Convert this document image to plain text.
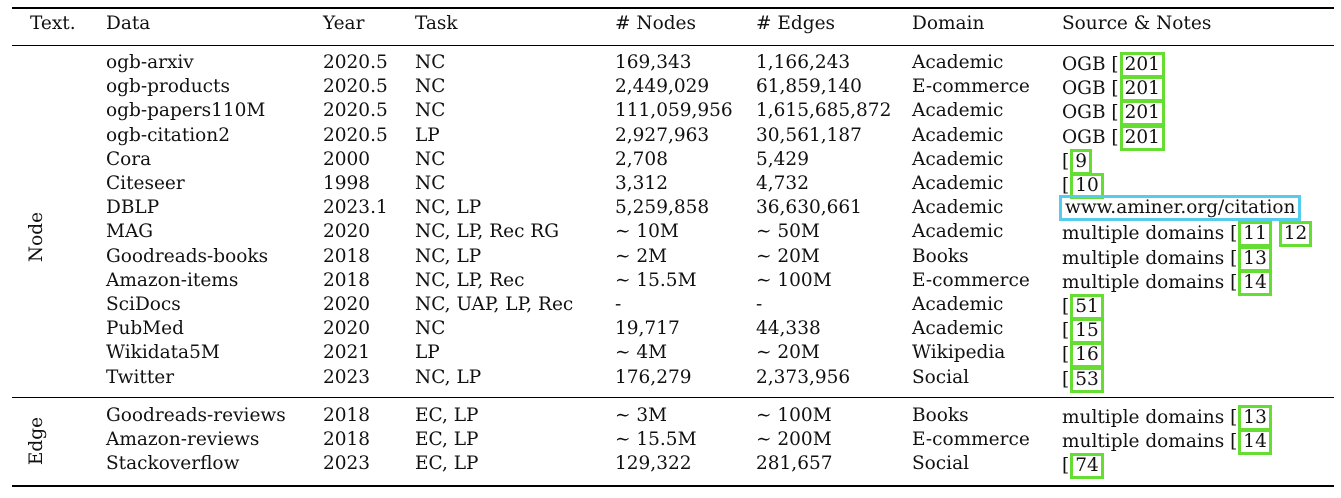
Text. Data	Year	Task	# Nodes	# Edges	Domain	Source & Notes
Node
ogb-arxiv	2020.5 NC	169,343	1,166,243	Academic	OGB [ 201
ogb-products	2020.5 NC	2,449,029	61,859,140	E-commerce OGB [ 201
ogb-papers110M	2020.5 NC	111,059,956 1,615,685,872 Academic	OGB [ 201
ogb-citation2	2020.5 LP	2,927,963	30,561,187	Academic	OGB [ 201
Cora	2000 NC	2,708	5,429	Academic	[ 9
Citeseer	1998 NC	3,312	4,732	Academic	[ 10
DBLP	2023.1 NC, LP	5,259,858	36,630,661	Academic	www.aminer.org/citation
MAG	2020 NC, LP, Rec RG	∼ 10M	∼ 50M	Academic	multiple domains [ 11 12
Goodreads-books	2018 NC, LP	∼ 2M	∼ 20M	Books	multiple domains [ 13
Amazon-items	2018 NC, LP, Rec	∼ 15.5M	∼ 100M	E-commerce multiple domains [ 14
SciDocs	2020 NC, UAP, LP, Rec -	-	Academic	[ 51
PubMed	2020 NC	19,717	44,338	Academic	[ 15
Wikidata5M	2021 LP	∼ 4M	∼ 20M	Wikipedia	[ 16
Twitter	2023 NC, LP	176,279	2,373,956	Social	[ 53
Edge
Goodreads-reviews 2018 EC, LP	∼ 3M	∼ 100M	Books	multiple domains [ 13
Amazon-reviews	2018 EC, LP	∼ 15.5M	∼ 200M	E-commerce multiple domains [ 14
Stackoverflow	2023 EC, LP	129,322	281,657	Social	[ 74
